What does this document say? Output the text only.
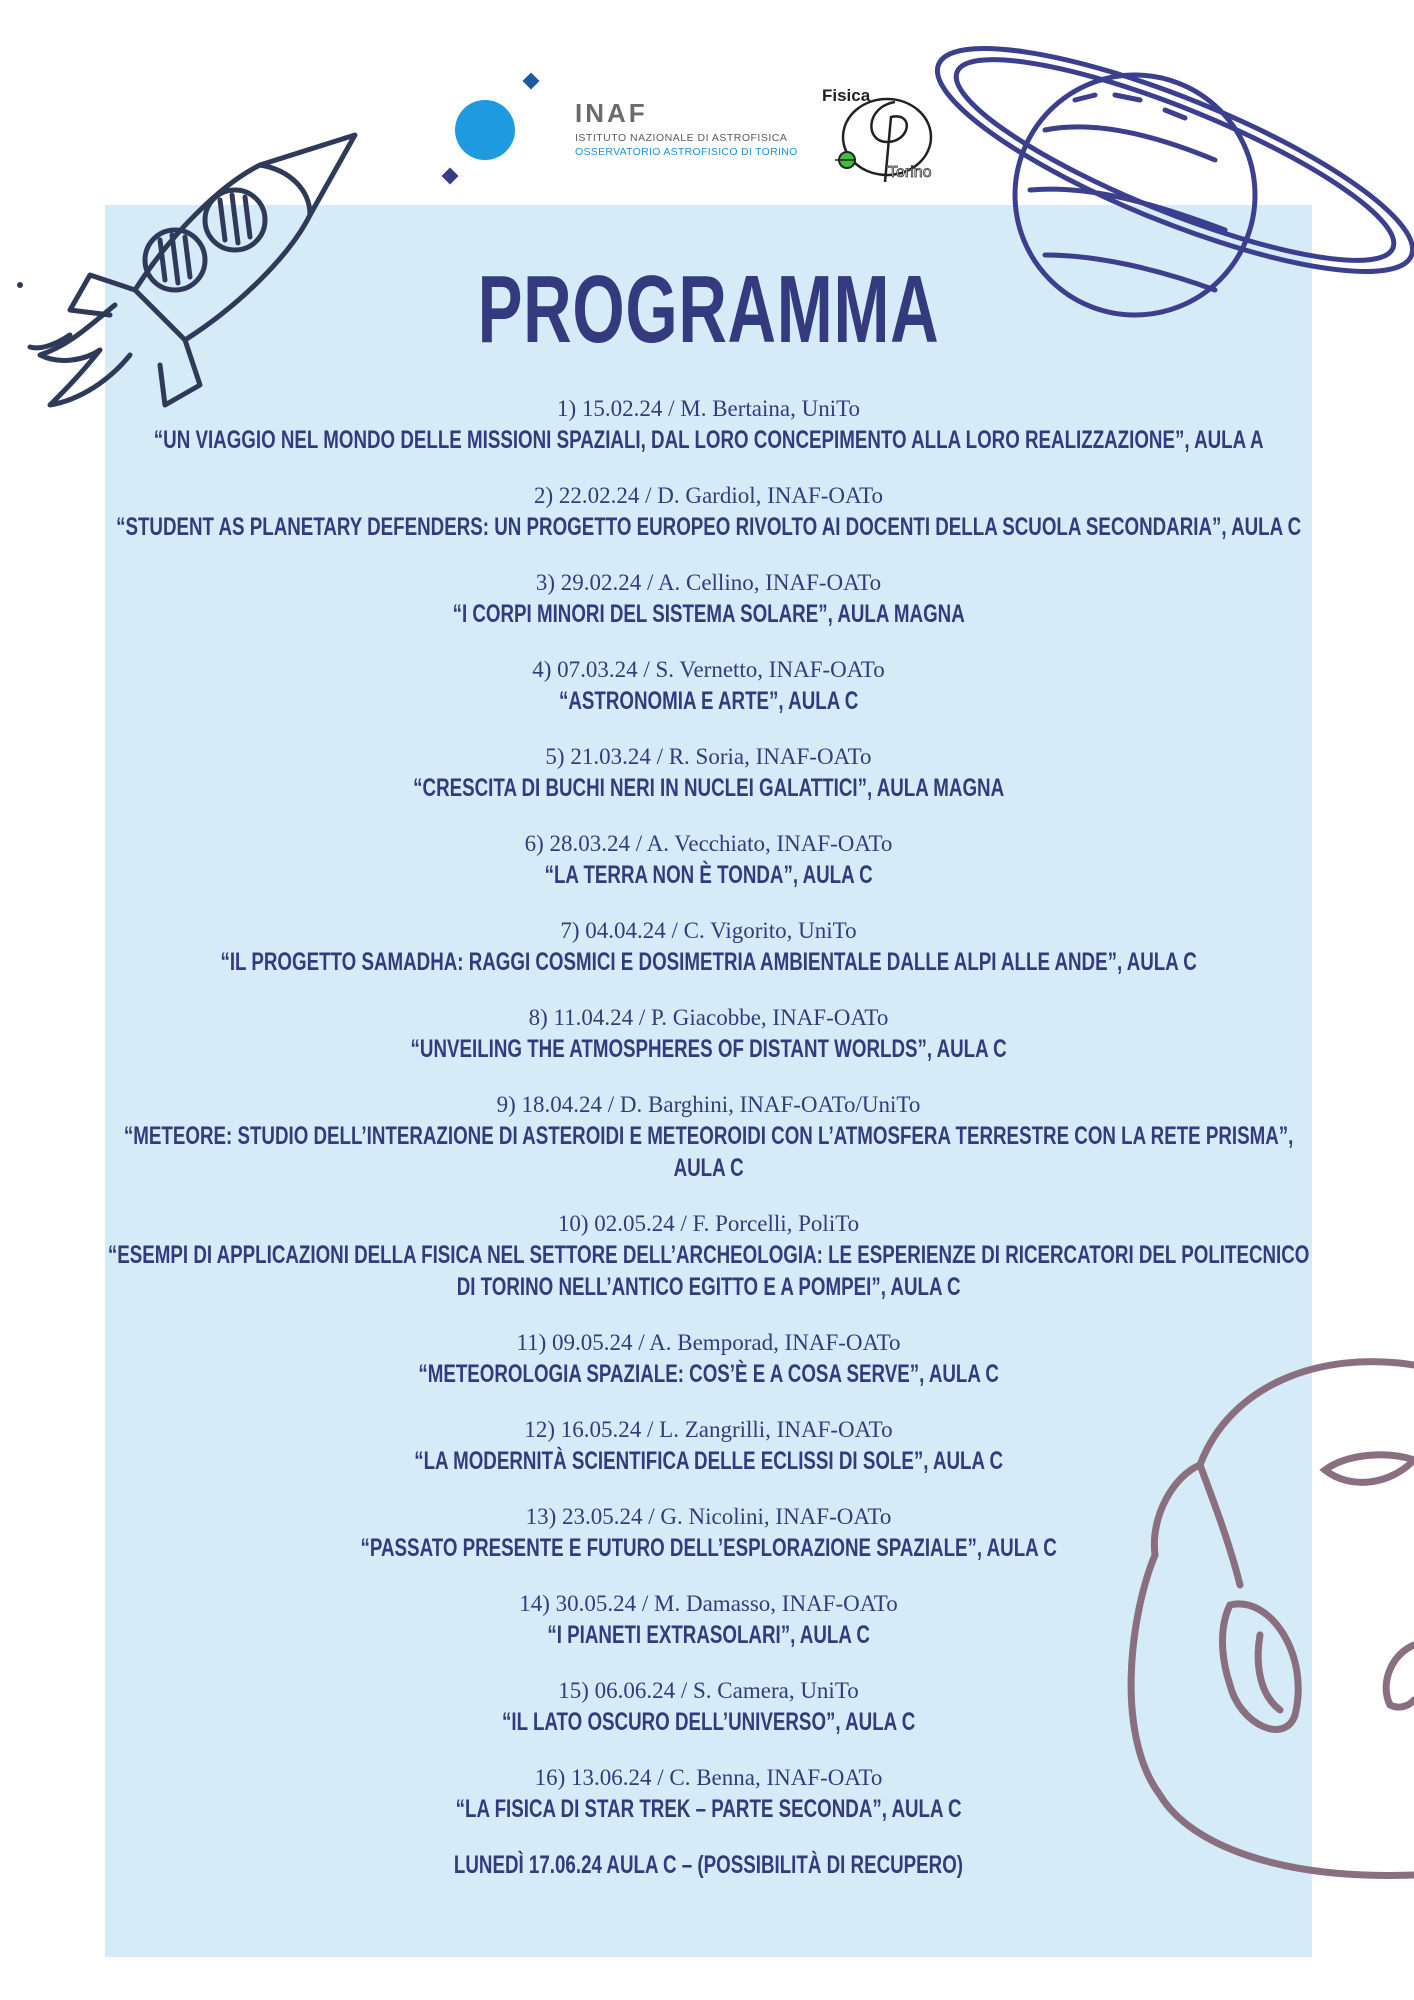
INAF
ISTITUTO NAZIONALE DI ASTROFISICA
OSSERVATORIO ASTROFISICO DI TORINO
Fisica
Torino
PROGRAMMA
1) 15.02.24 / M. Bertaina, UniTo
“UN VIAGGIO NEL MONDO DELLE MISSIONI SPAZIALI, DAL LORO CONCEPIMENTO ALLA LORO REALIZZAZIONE”, AULA A
2) 22.02.24 / D. Gardiol, INAF-OATo
“STUDENT AS PLANETARY DEFENDERS: UN PROGETTO EUROPEO RIVOLTO AI DOCENTI DELLA SCUOLA SECONDARIA”, AULA C
3) 29.02.24 / A. Cellino, INAF-OATo
“I CORPI MINORI DEL SISTEMA SOLARE”, AULA MAGNA
4) 07.03.24 / S. Vernetto, INAF-OATo
“ASTRONOMIA E ARTE”, AULA C
5) 21.03.24 / R. Soria, INAF-OATo
“CRESCITA DI BUCHI NERI IN NUCLEI GALATTICI”, AULA MAGNA
6) 28.03.24 / A. Vecchiato, INAF-OATo
“LA TERRA NON È TONDA”, AULA C
7) 04.04.24 / C. Vigorito, UniTo
“IL PROGETTO SAMADHA: RAGGI COSMICI E DOSIMETRIA AMBIENTALE DALLE ALPI ALLE ANDE”, AULA C
8) 11.04.24 / P. Giacobbe, INAF-OATo
“UNVEILING THE ATMOSPHERES OF DISTANT WORLDS”, AULA C
9) 18.04.24 / D. Barghini, INAF-OATo/UniTo
“METEORE: STUDIO DELL’INTERAZIONE DI ASTEROIDI E METEOROIDI CON L’ATMOSFERA TERRESTRE CON LA RETE PRISMA”, AULA C
10) 02.05.24 / F. Porcelli, PoliTo
“ESEMPI DI APPLICAZIONI DELLA FISICA NEL SETTORE DELL’ARCHEOLOGIA: LE ESPERIENZE DI RICERCATORI DEL POLITECNICO DI TORINO NELL’ANTICO EGITTO E A POMPEI”, AULA C
11) 09.05.24 / A. Bemporad, INAF-OATo
“METEOROLOGIA SPAZIALE: COS’È E A COSA SERVE”, AULA C
12) 16.05.24 / L. Zangrilli, INAF-OATo
“LA MODERNITÀ SCIENTIFICA DELLE ECLISSI DI SOLE”, AULA C
13) 23.05.24 / G. Nicolini, INAF-OATo
“PASSATO PRESENTE E FUTURO DELL’ESPLORAZIONE SPAZIALE”, AULA C
14) 30.05.24 / M. Damasso, INAF-OATo
“I PIANETI EXTRASOLARI”, AULA C
15) 06.06.24 / S. Camera, UniTo
“IL LATO OSCURO DELL’UNIVERSO”, AULA C
16) 13.06.24 / C. Benna, INAF-OATo
“LA FISICA DI STAR TREK – PARTE SECONDA”, AULA C
LUNEDÌ 17.06.24 AULA C – (POSSIBILITÀ DI RECUPERO)
